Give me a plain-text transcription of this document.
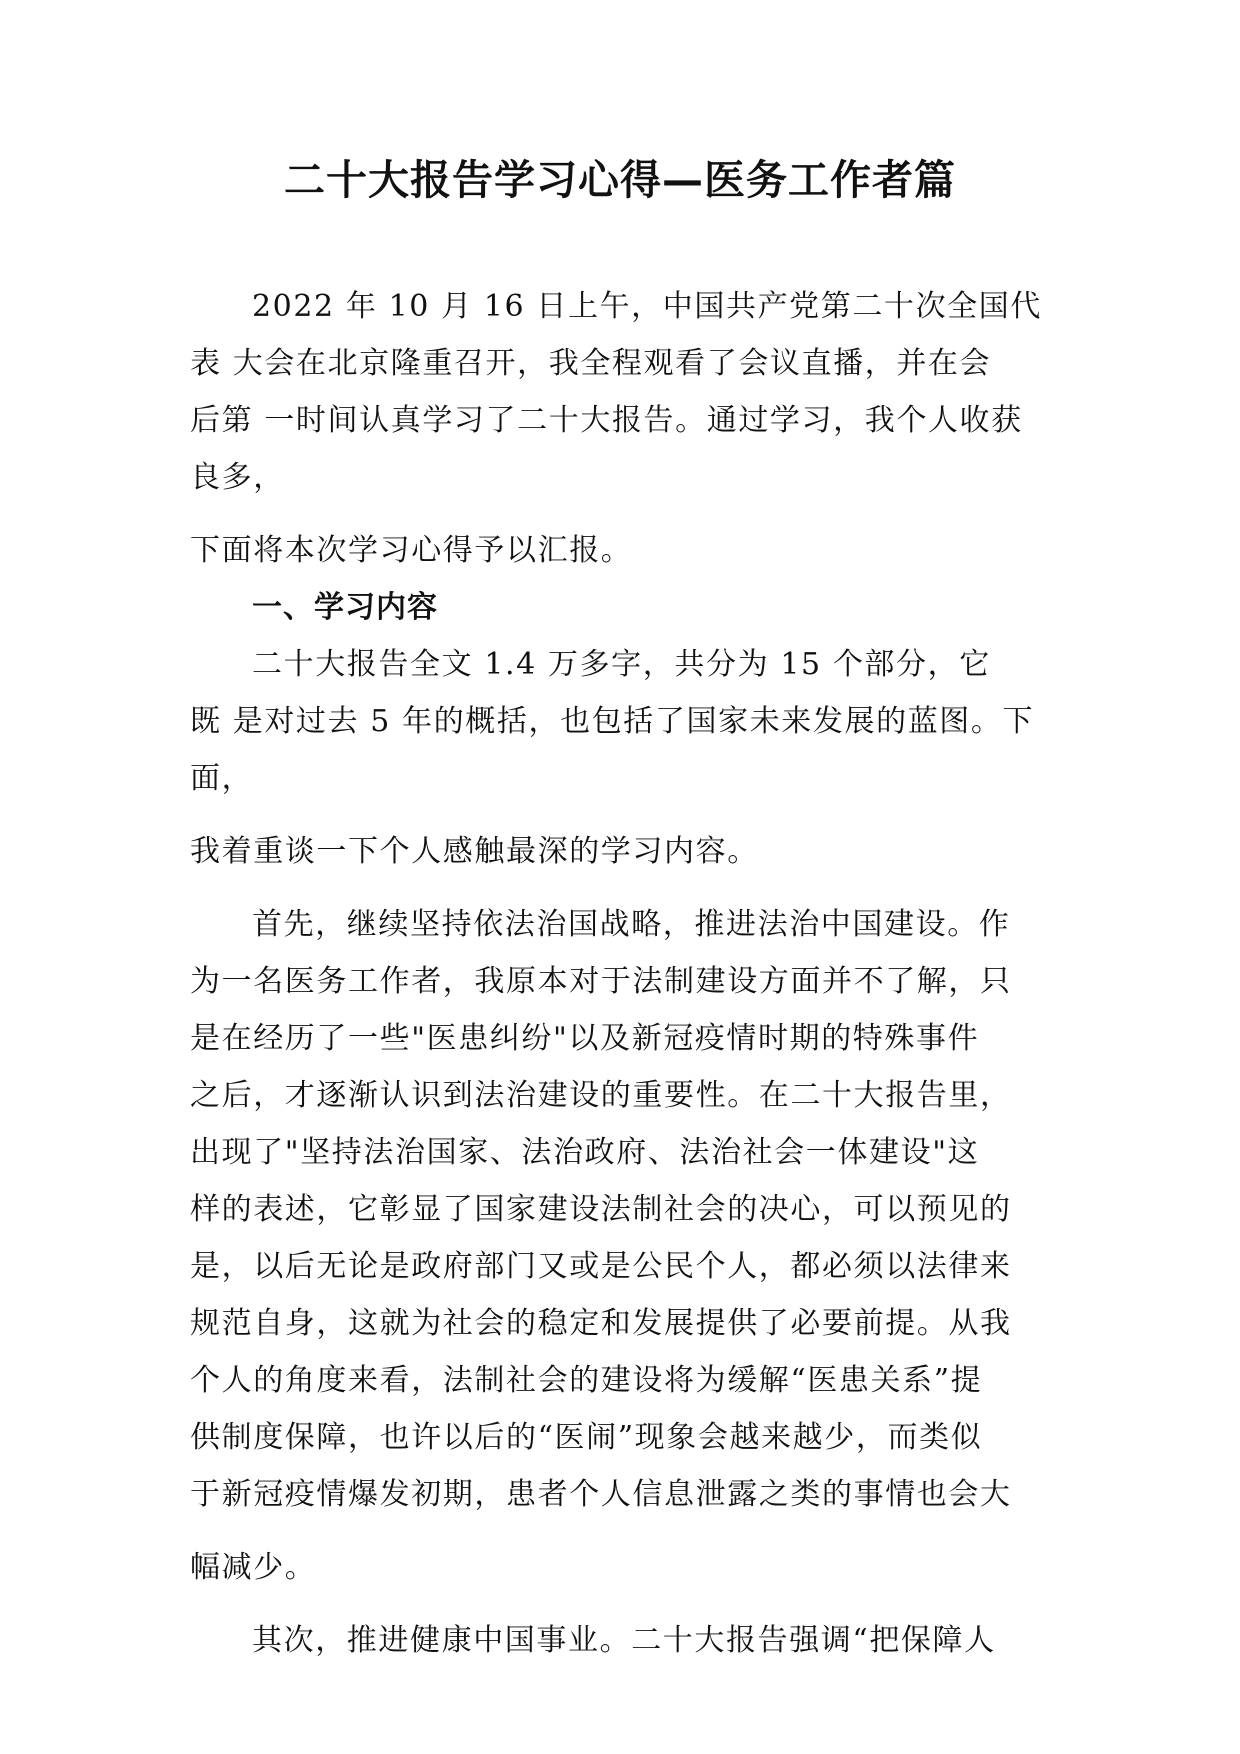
二十大报告学习心得—医务工作者篇
2022 年 10 月 16 日上午，中国共产党第二十次全国代
表 大会在北京隆重召开，我全程观看了会议直播，并在会
后第 一时间认真学习了二十大报告。通过学习，我个人收获
良多，
下面将本次学习心得予以汇报。
一、学习内容
二十大报告全文 1.4 万多字，共分为 15 个部分，它
既 是对过去 5 年的概括，也包括了国家未来发展的蓝图。下
面，
我着重谈一下个人感触最深的学习内容。
首先，继续坚持依法治国战略，推进法治中国建设。作
为一名医务工作者，我原本对于法制建设方面并不了解，只
是在经历了一些"医患纠纷"以及新冠疫情时期的特殊事件
之后，才逐渐认识到法治建设的重要性。在二十大报告里，
出现了"坚持法治国家、法治政府、法治社会一体建设"这
样的表述，它彰显了国家建设法制社会的决心，可以预见的
是，以后无论是政府部门又或是公民个人，都必须以法律来
规范自身，这就为社会的稳定和发展提供了必要前提。从我
个人的角度来看，法制社会的建设将为缓解“医患关系”提
供制度保障，也许以后的“医闹”现象会越来越少，而类似
于新冠疫情爆发初期，患者个人信息泄露之类的事情也会大
幅减少。
其次，推进健康中国事业。二十大报告强调“把保障人
